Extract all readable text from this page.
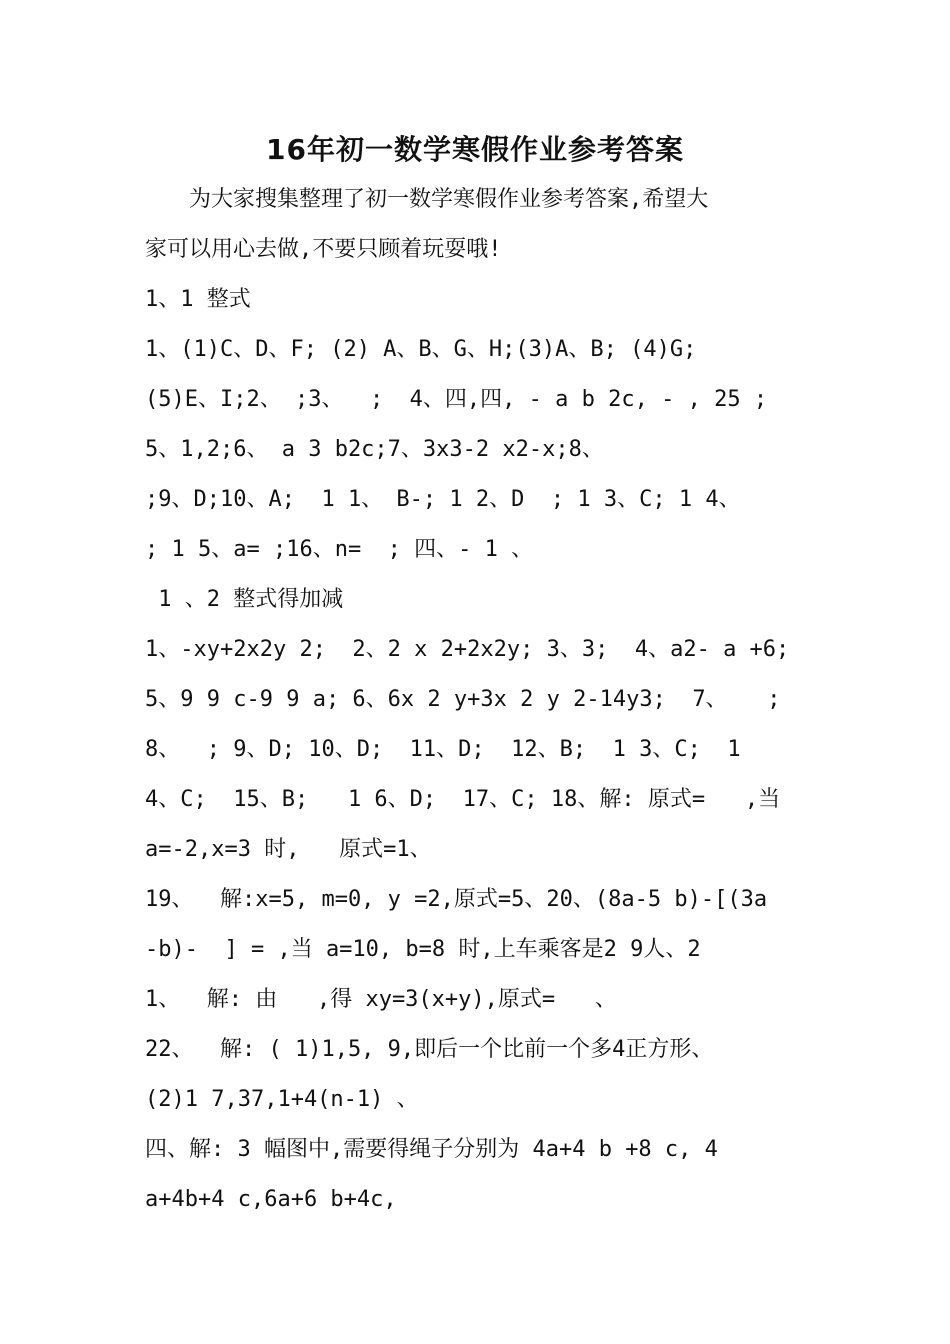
16年初一数学寒假作业参考答案
为大家搜集整理了初一数学寒假作业参考答案,希望大
家可以用心去做,不要只顾着玩耍哦!
1、1 整式
1、(1)C、D、F; (2) A、B、G、H;(3)A、B; (4)G;
(5)E、I;2、 ;3、  ;  4、四,四, - a b 2c, - , 25 ;
5、1,2;6、 a 3 b2c;7、3x3-2 x2-x;8、
;9、D;10、A;  1 1、 B-; 1 2、D  ; 1 3、C; 1 4、
; 1 5、a= ;16、n=  ; 四、- 1 、
1 、2 整式得加减
1、-xy+2x2y 2;  2、2 x 2+2x2y; 3、3;  4、a2- a +6;
5、9 9 c-9 9 a; 6、6x 2 y+3x 2 y 2-14y3;  7、   ;
8、  ; 9、D; 10、D;  11、D;  12、B;  1 3、C;  1
4、C;  15、B;   1 6、D;  17、C; 18、解: 原式=   ,当
a=-2,x=3 时,   原式=1、
19、  解:x=5, m=0, y =2,原式=5、20、(8a-5 b)-[(3a
-b)-  ] = ,当 a=10, b=8 时,上车乘客是2 9人、2
1、  解: 由   ,得 xy=3(x+y),原式=   、
22、  解: ( 1)1,5, 9,即后一个比前一个多4正方形、
(2)1 7,37,1+4(n-1) 、
四、解: 3 幅图中,需要得绳子分别为 4a+4 b +8 c, 4
a+4b+4 c,6a+6 b+4c,
